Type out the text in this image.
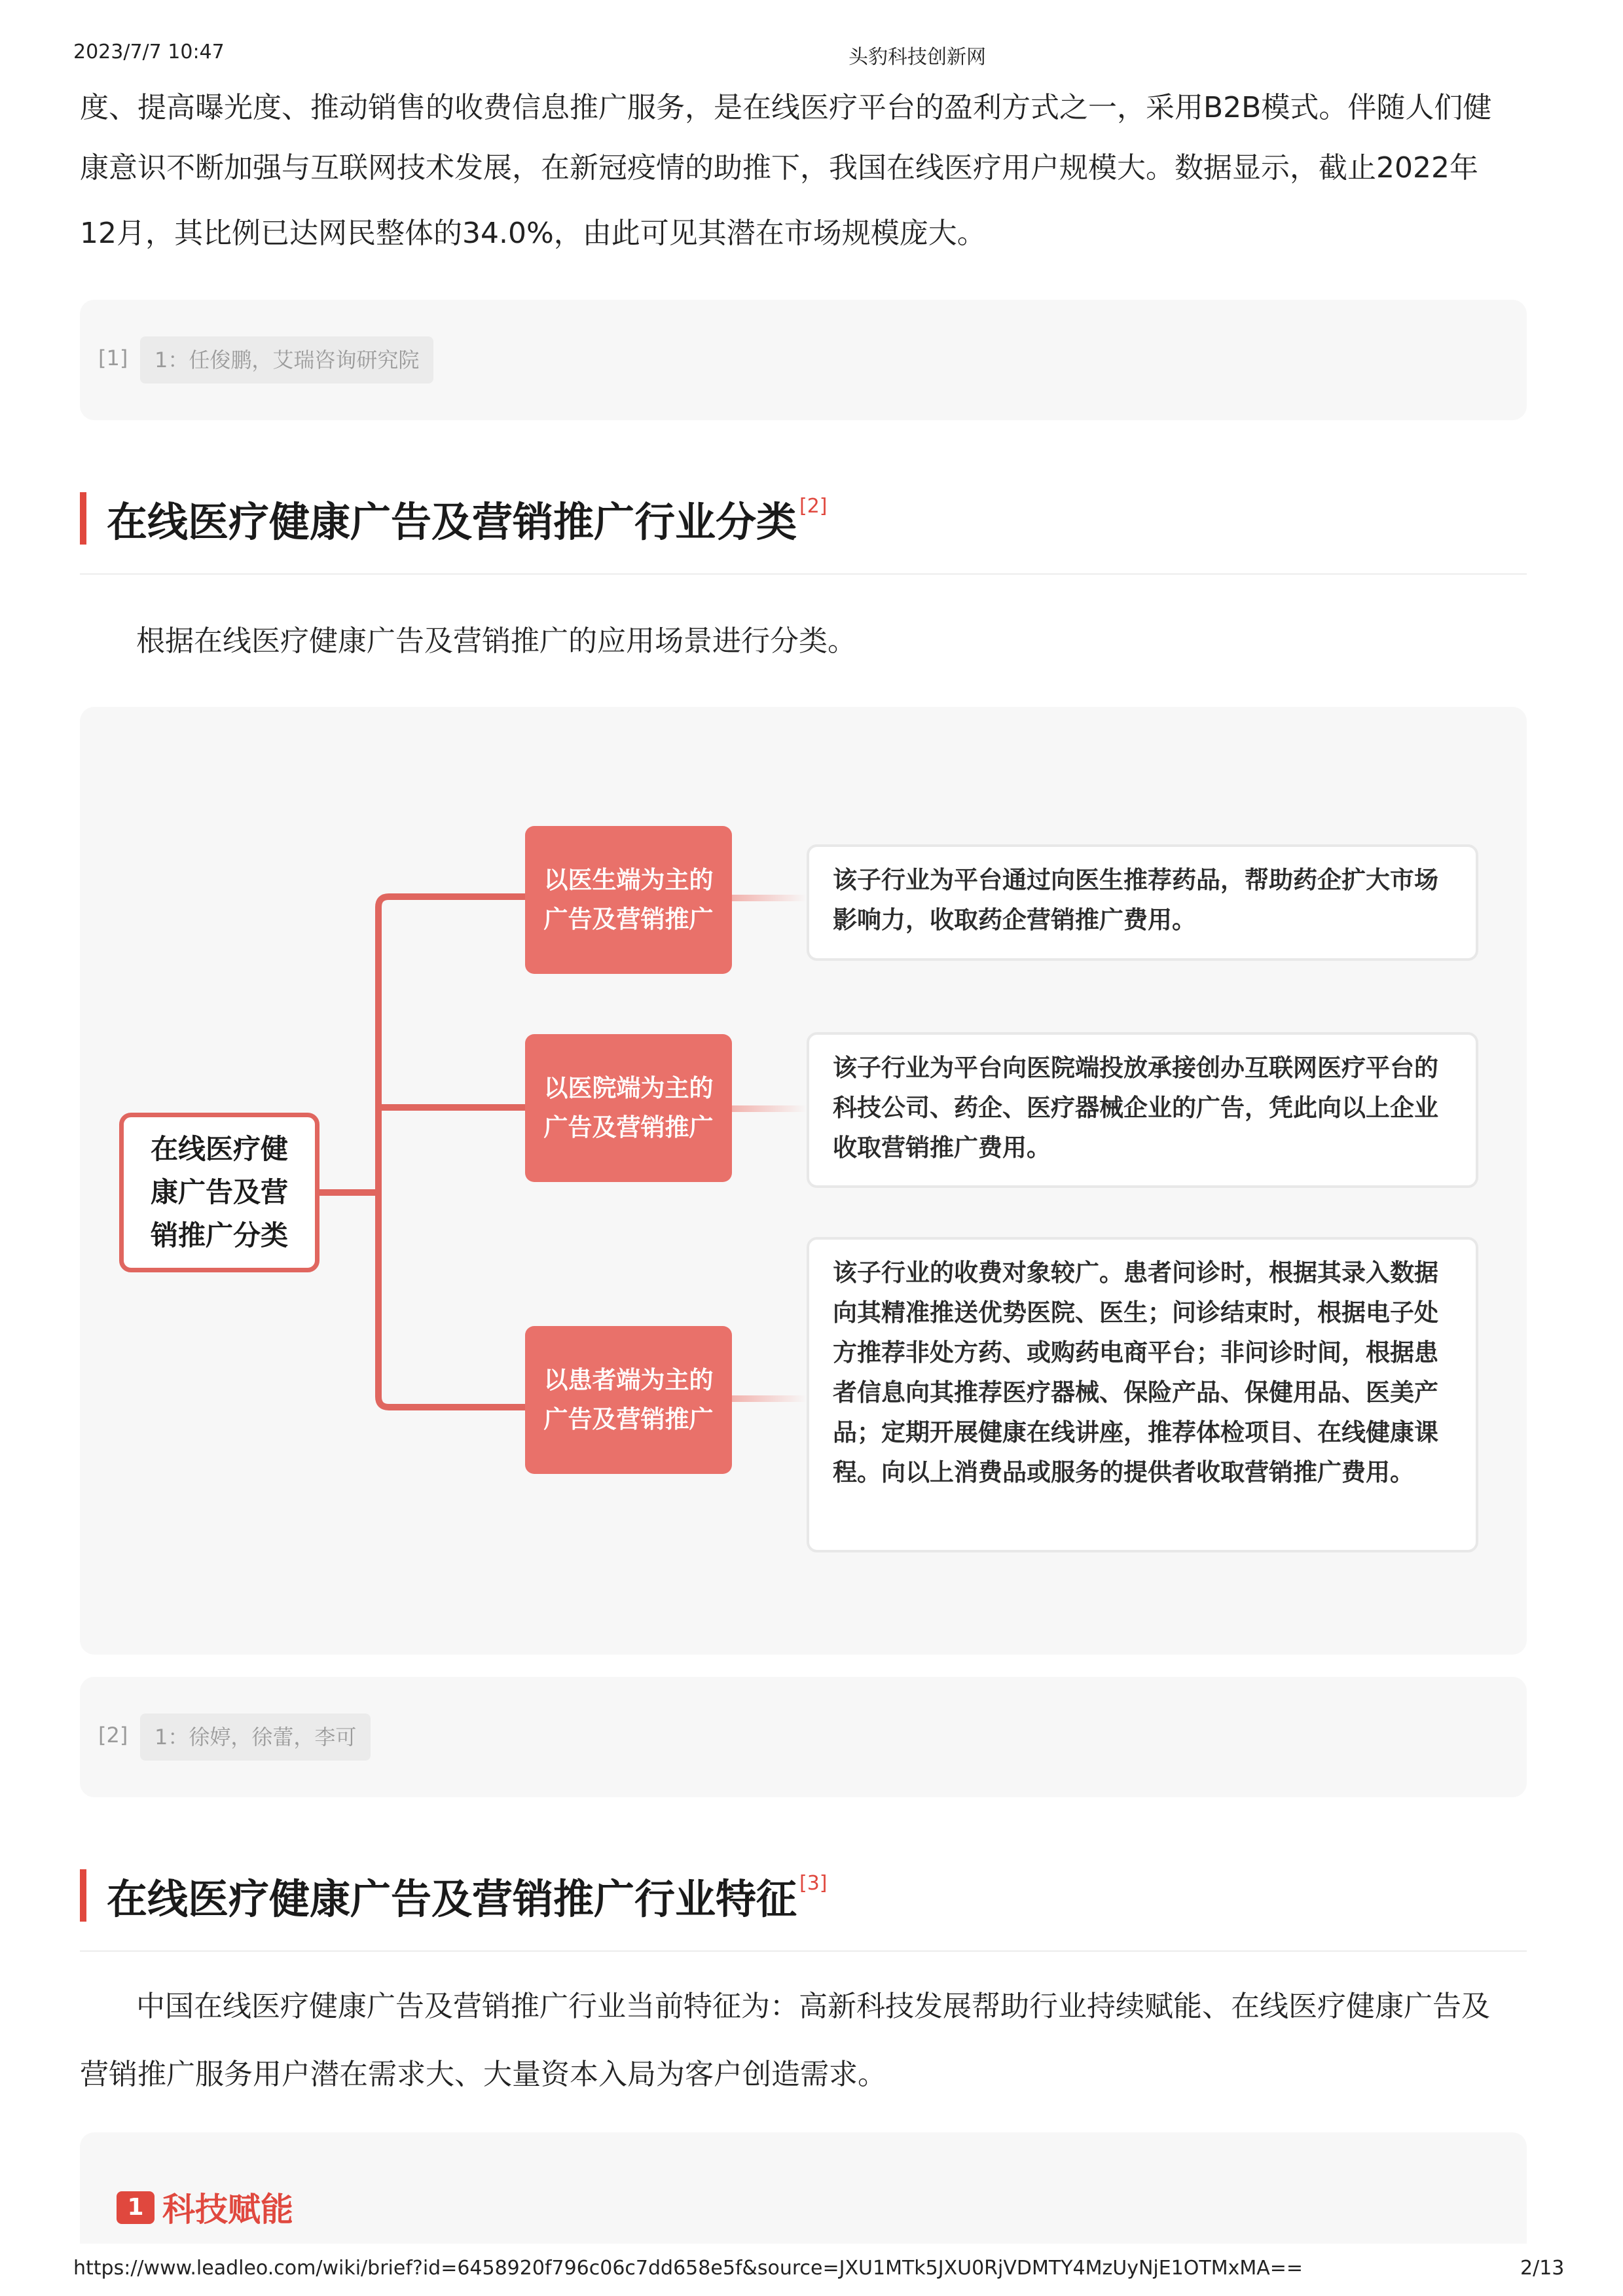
2023/7/7 10:47	头豹科技创新网
度、提高曝光度、推动销售的收费信息推广服务，是在线医疗平台的盈利方式之一，采用B2B模式。伴随人们健
康意识不断加强与互联网技术发展，在新冠疫情的助推下，我国在线医疗用户规模大。数据显示，截止2022年
12月，其比例已达网民整体的34.0%，由此可见其潜在市场规模庞大。
[1]	1：任俊鹏，艾瑞咨询研究院
在线医疗健康广告及营销推广行业分类 [2]
根据在线医疗健康广告及营销推广的应用场景进行分类。
在线医疗健康广告及营销推广分类
以医生端为主的广告及营销推广
该子行业为平台通过向医生推荐药品，帮助药企扩大市场影响力，收取药企营销推广费用。
以医院端为主的广告及营销推广
该子行业为平台向医院端投放承接创办互联网医疗平台的科技公司、药企、医疗器械企业的广告，凭此向以上企业收取营销推广费用。
以患者端为主的广告及营销推广
该子行业的收费对象较广。患者问诊时，根据其录入数据向其精准推送优势医院、医生；问诊结束时，根据电子处方推荐非处方药、或购药电商平台；非问诊时间，根据患者信息向其推荐医疗器械、保险产品、保健用品、医美产品；定期开展健康在线讲座，推荐体检项目、在线健康课程。向以上消费品或服务的提供者收取营销推广费用。
[2]	1：徐婷，徐蕾，李可
在线医疗健康广告及营销推广行业特征 [3]
中国在线医疗健康广告及营销推广行业当前特征为：高新科技发展帮助行业持续赋能、在线医疗健康广告及
营销推广服务用户潜在需求大、大量资本入局为客户创造需求。
1 科技赋能
https://www.leadleo.com/wiki/brief?id=6458920f796c06c7dd658e5f&source=JXU1MTk5JXU0RjVDMTY4MzUyNjE1OTMxMA==	2/13
